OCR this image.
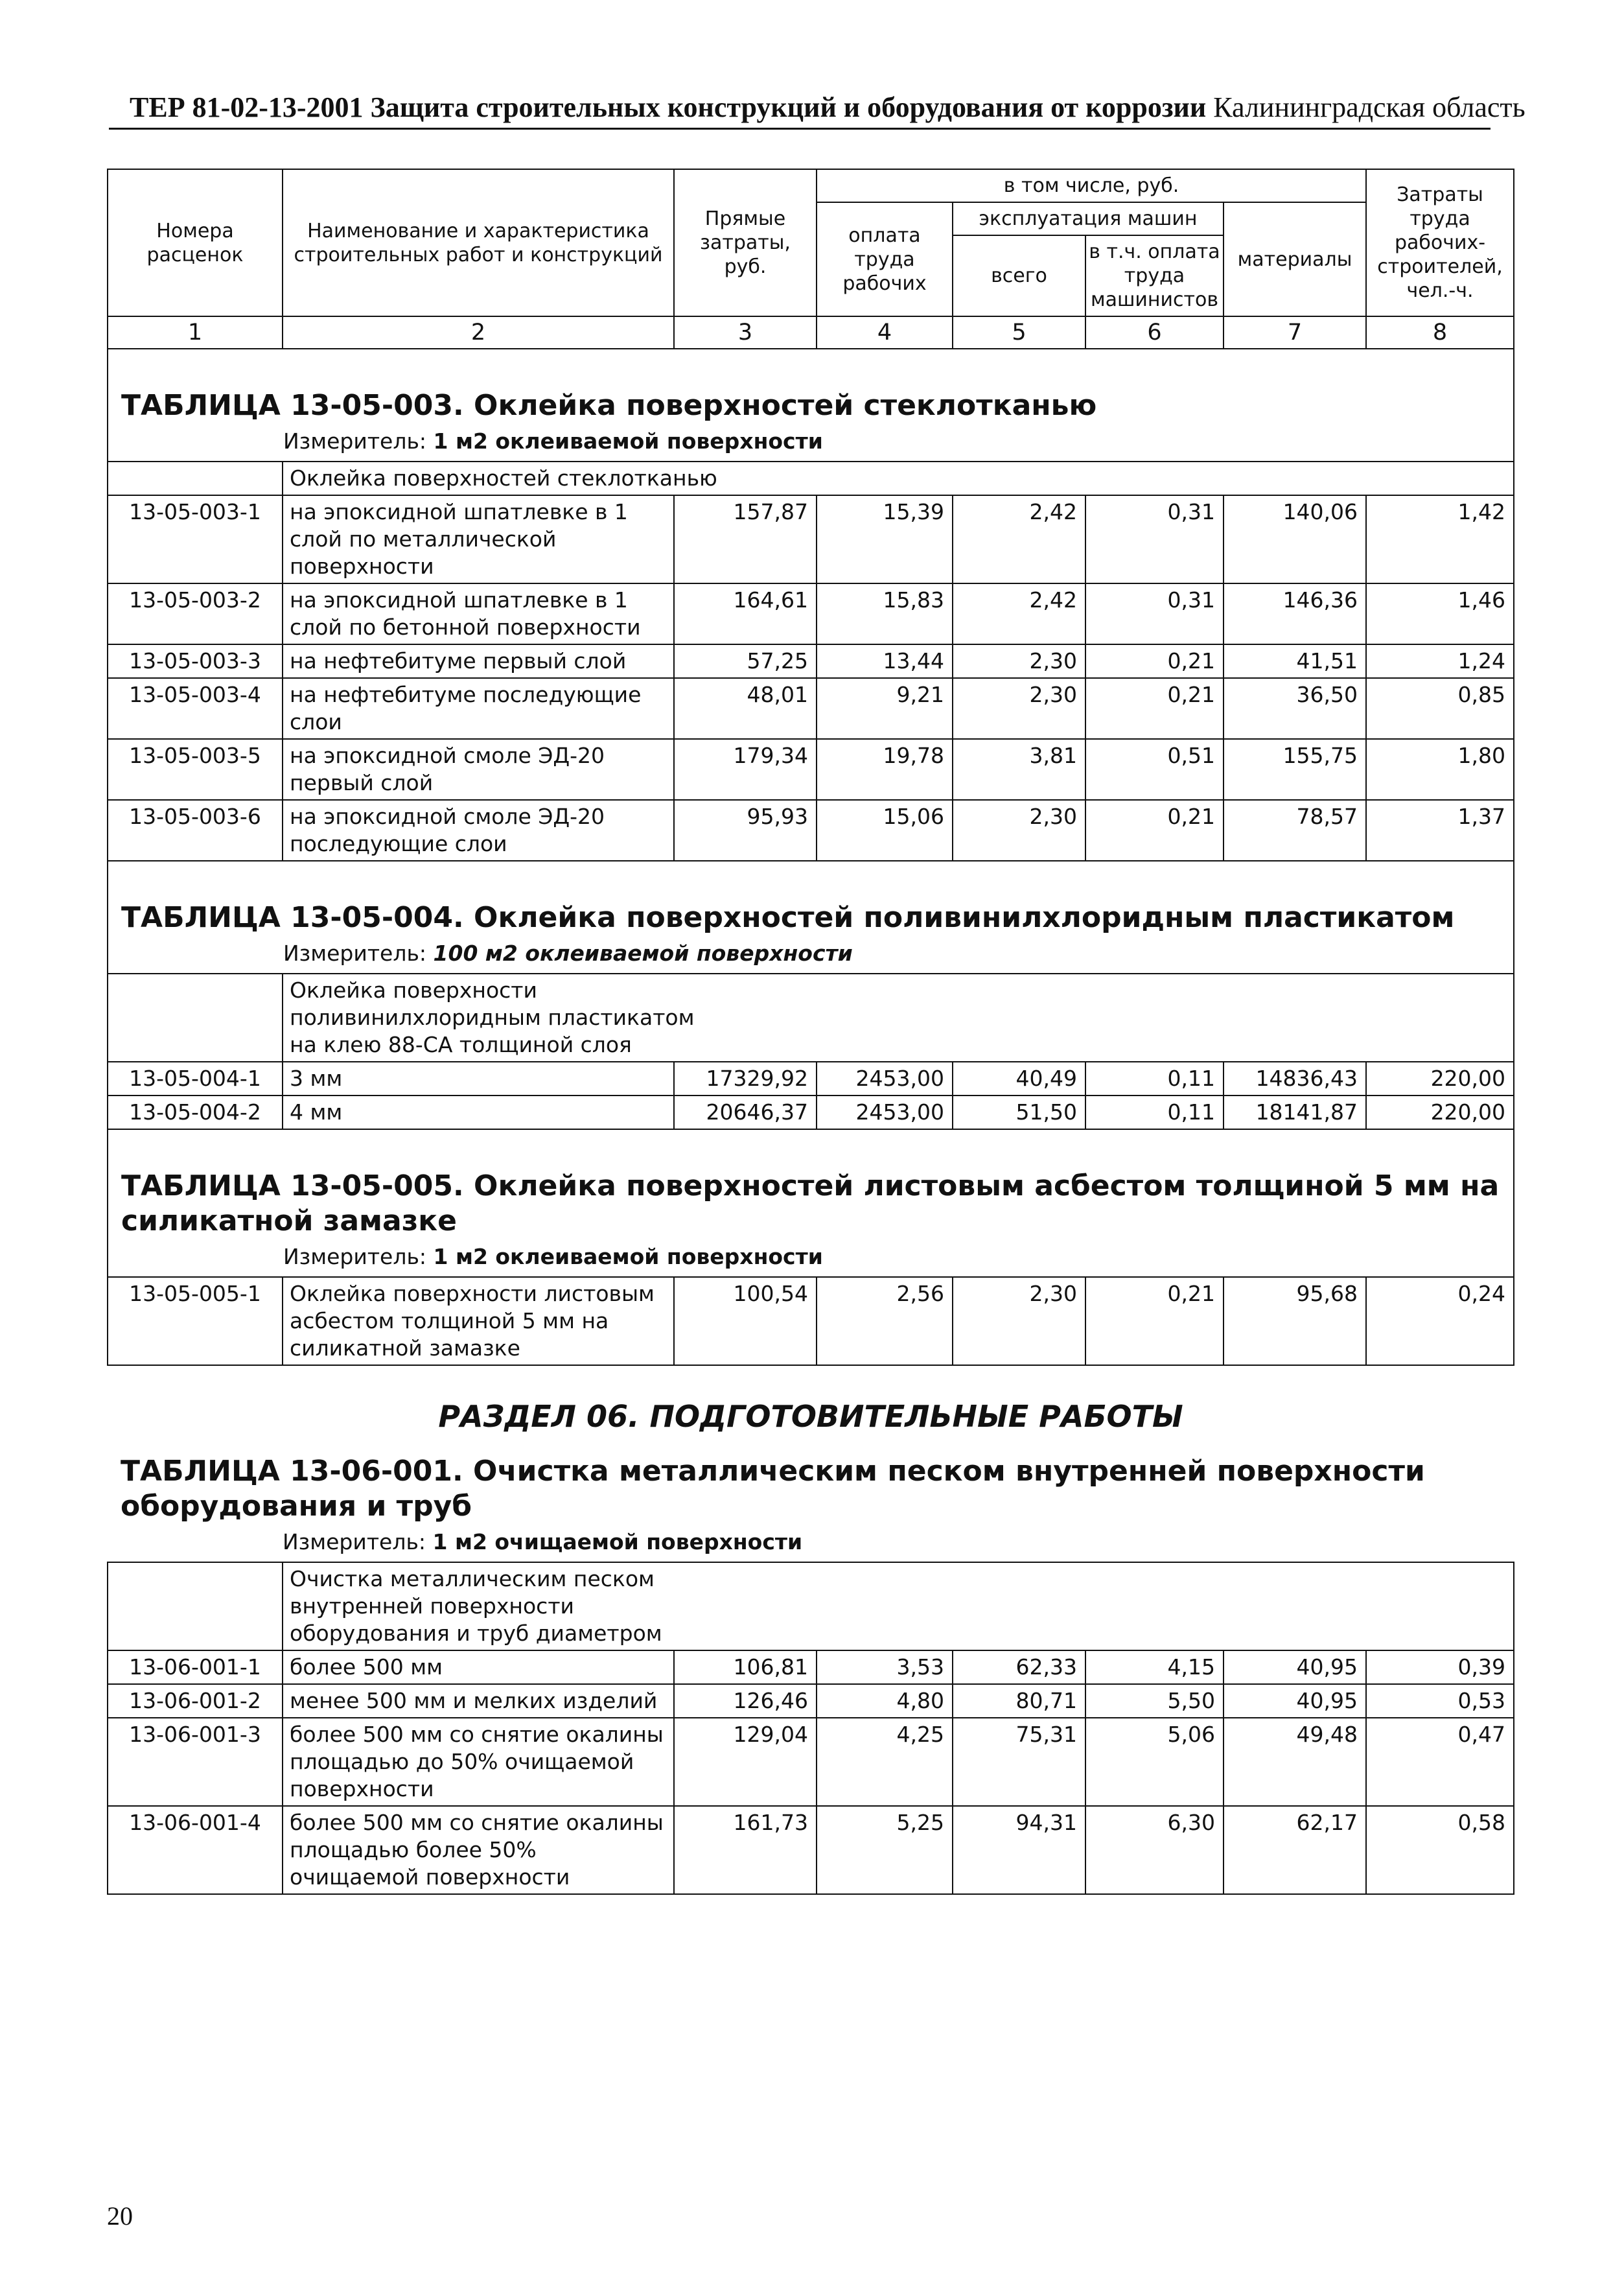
ТЕР 81-02-13-2001 Защита строительных конструкций и оборудования от коррозии Калининградская область
Номера расценок	Наименование и характеристика строительных работ и конструкций	Прямые затраты, руб.	в том числе, руб.				Затраты труда рабочих-строителей, чел.-ч.
			оплата труда рабочих	эксплуатация машин		материалы	
				всего	в т.ч. оплата труда машинистов		
1	2	3	4	5	6	7	8

ТАБЛИЦА 13-05-003. Оклейка поверхностей стеклотканью
Измеритель: 1 м2 оклеиваемой поверхности							

	Оклейка поверхностей стеклотканью						
13-05-003-1	на эпоксидной шпатлевке в 1 слой по металлической поверхности	157,87	15,39	2,42	0,31	140,06	1,42
13-05-003-2	на эпоксидной шпатлевке в 1 слой по бетонной поверхности	164,61	15,83	2,42	0,31	146,36	1,46
13-05-003-3	на нефтебитуме первый слой	57,25	13,44	2,30	0,21	41,51	1,24
13-05-003-4	на нефтебитуме последующие слои	48,01	9,21	2,30	0,21	36,50	0,85
13-05-003-5	на эпоксидной смоле ЭД-20 первый слой	179,34	19,78	3,81	0,51	155,75	1,80
13-05-003-6	на эпоксидной смоле ЭД-20 последующие слои	95,93	15,06	2,30	0,21	78,57	1,37

ТАБЛИЦА 13-05-004. Оклейка поверхностей поливинилхлоридным пластикатом
Измеритель: 100 м2 оклеиваемой поверхности							

	Оклейка поверхности поливинилхлоридным пластикатом на клею 88-СА толщиной слоя						

13-05-004-1	3 мм	17329,92	2453,00	40,49	0,11	14836,43	220,00
13-05-004-2	4 мм	20646,37	2453,00	51,50	0,11	18141,87	220,00

ТАБЛИЦА 13-05-005. Оклейка поверхностей листовым асбестом толщиной 5 мм на силикатной замазке
Измеритель: 1 м2 оклеиваемой поверхности							

13-05-005-1	Оклейка поверхности листовым асбестом толщиной 5 мм на силикатной замазке	100,54	2,56	2,30	0,21	95,68	0,24

РАЗДЕЛ 06. ПОДГОТОВИТЕЛЬНЫЕ РАБОТЫ
ТАБЛИЦА 13-06-001. Очистка металлическим песком внутренней поверхности оборудования и труб
Измеритель: 1 м2 очищаемой поверхности							

	Очистка металлическим песком внутренней поверхности оборудования и труб диаметром						

13-06-001-1	более 500 мм	106,81	3,53	62,33	4,15	40,95	0,39
13-06-001-2	менее 500 мм и мелких изделий	126,46	4,80	80,71	5,50	40,95	0,53
13-06-001-3	более 500 мм со снятие окалины площадью до 50% очищаемой поверхности	129,04	4,25	75,31	5,06	49,48	0,47
13-06-001-4	более 500 мм со снятие окалины площадью более 50% очищаемой поверхности	161,73	5,25	94,31	6,30	62,17	0,58
20
